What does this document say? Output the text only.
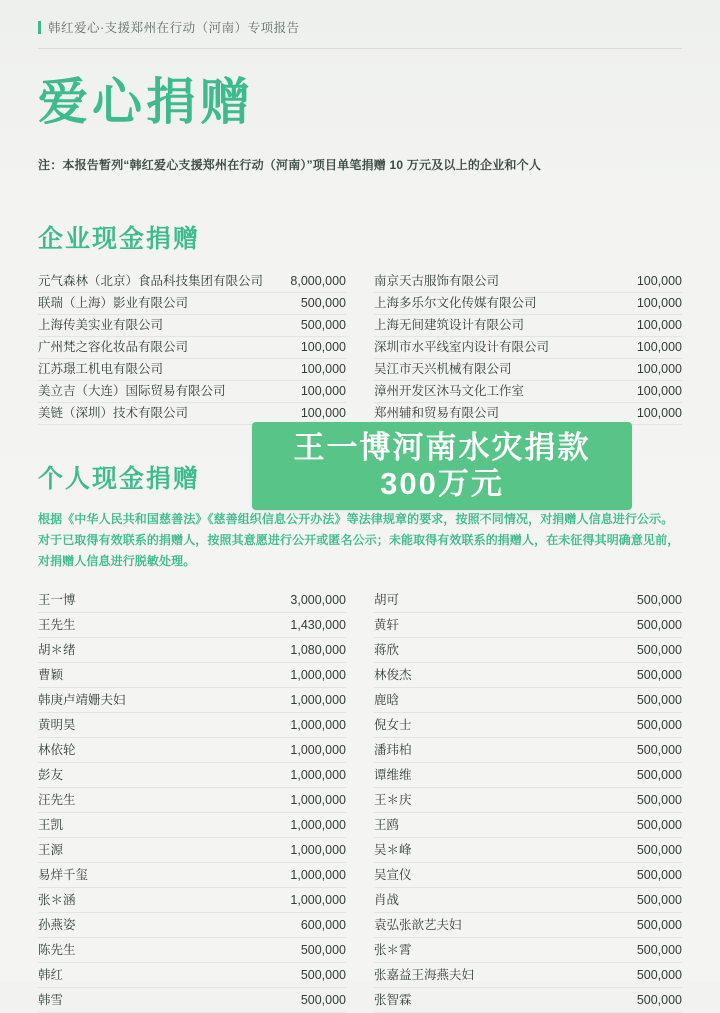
韩红爱心·支援郑州在行动（河南）专项报告
爱心捐赠
注：本报告暂列“韩红爱心支援郑州在行动（河南）”项目单笔捐赠 10 万元及以上的企业和个人
企业现金捐赠
元气森林（北京）食品科技集团有限公司	8,000,000
联瑞（上海）影业有限公司	500,000
上海传美实业有限公司	500,000
广州梵之容化妆品有限公司	100,000
江苏璟工机电有限公司	100,000
美立吉（大连）国际贸易有限公司	100,000
美链（深圳）技术有限公司	100,000
南京天古服饰有限公司	100,000
上海多乐尔文化传媒有限公司	100,000
上海无间建筑设计有限公司	100,000
深圳市水平线室内设计有限公司	100,000
吴江市天兴机械有限公司	100,000
漳州开发区沐马文化工作室	100,000
郑州辅和贸易有限公司	100,000
个人现金捐赠
根据《中华人民共和国慈善法》《慈善组织信息公开办法》等法律规章的要求，按照不同情况，对捐赠人信息进行公示。对于已取得有效联系的捐赠人，按照其意愿进行公开或匿名公示；未能取得有效联系的捐赠人，在未征得其明确意见前，对捐赠人信息进行脱敏处理。
王一博	3,000,000
王先生	1,430,000
胡＊绪	1,080,000
曹颖	1,000,000
韩庚卢靖姗夫妇	1,000,000
黄明昊	1,000,000
林依轮	1,000,000
彭友	1,000,000
汪先生	1,000,000
王凯	1,000,000
王源	1,000,000
易烊千玺	1,000,000
张＊涵	1,000,000
孙燕姿	600,000
陈先生	500,000
韩红	500,000
韩雪	500,000
胡可	500,000
黄轩	500,000
蒋欣	500,000
林俊杰	500,000
鹿晗	500,000
倪女士	500,000
潘玮柏	500,000
谭维维	500,000
王＊庆	500,000
王鸥	500,000
吴＊峰	500,000
吴宣仪	500,000
肖战	500,000
袁弘张歆艺夫妇	500,000
张＊霄	500,000
张嘉益王海燕夫妇	500,000
张智霖	500,000
王一博河南水灾捐款
300万元
